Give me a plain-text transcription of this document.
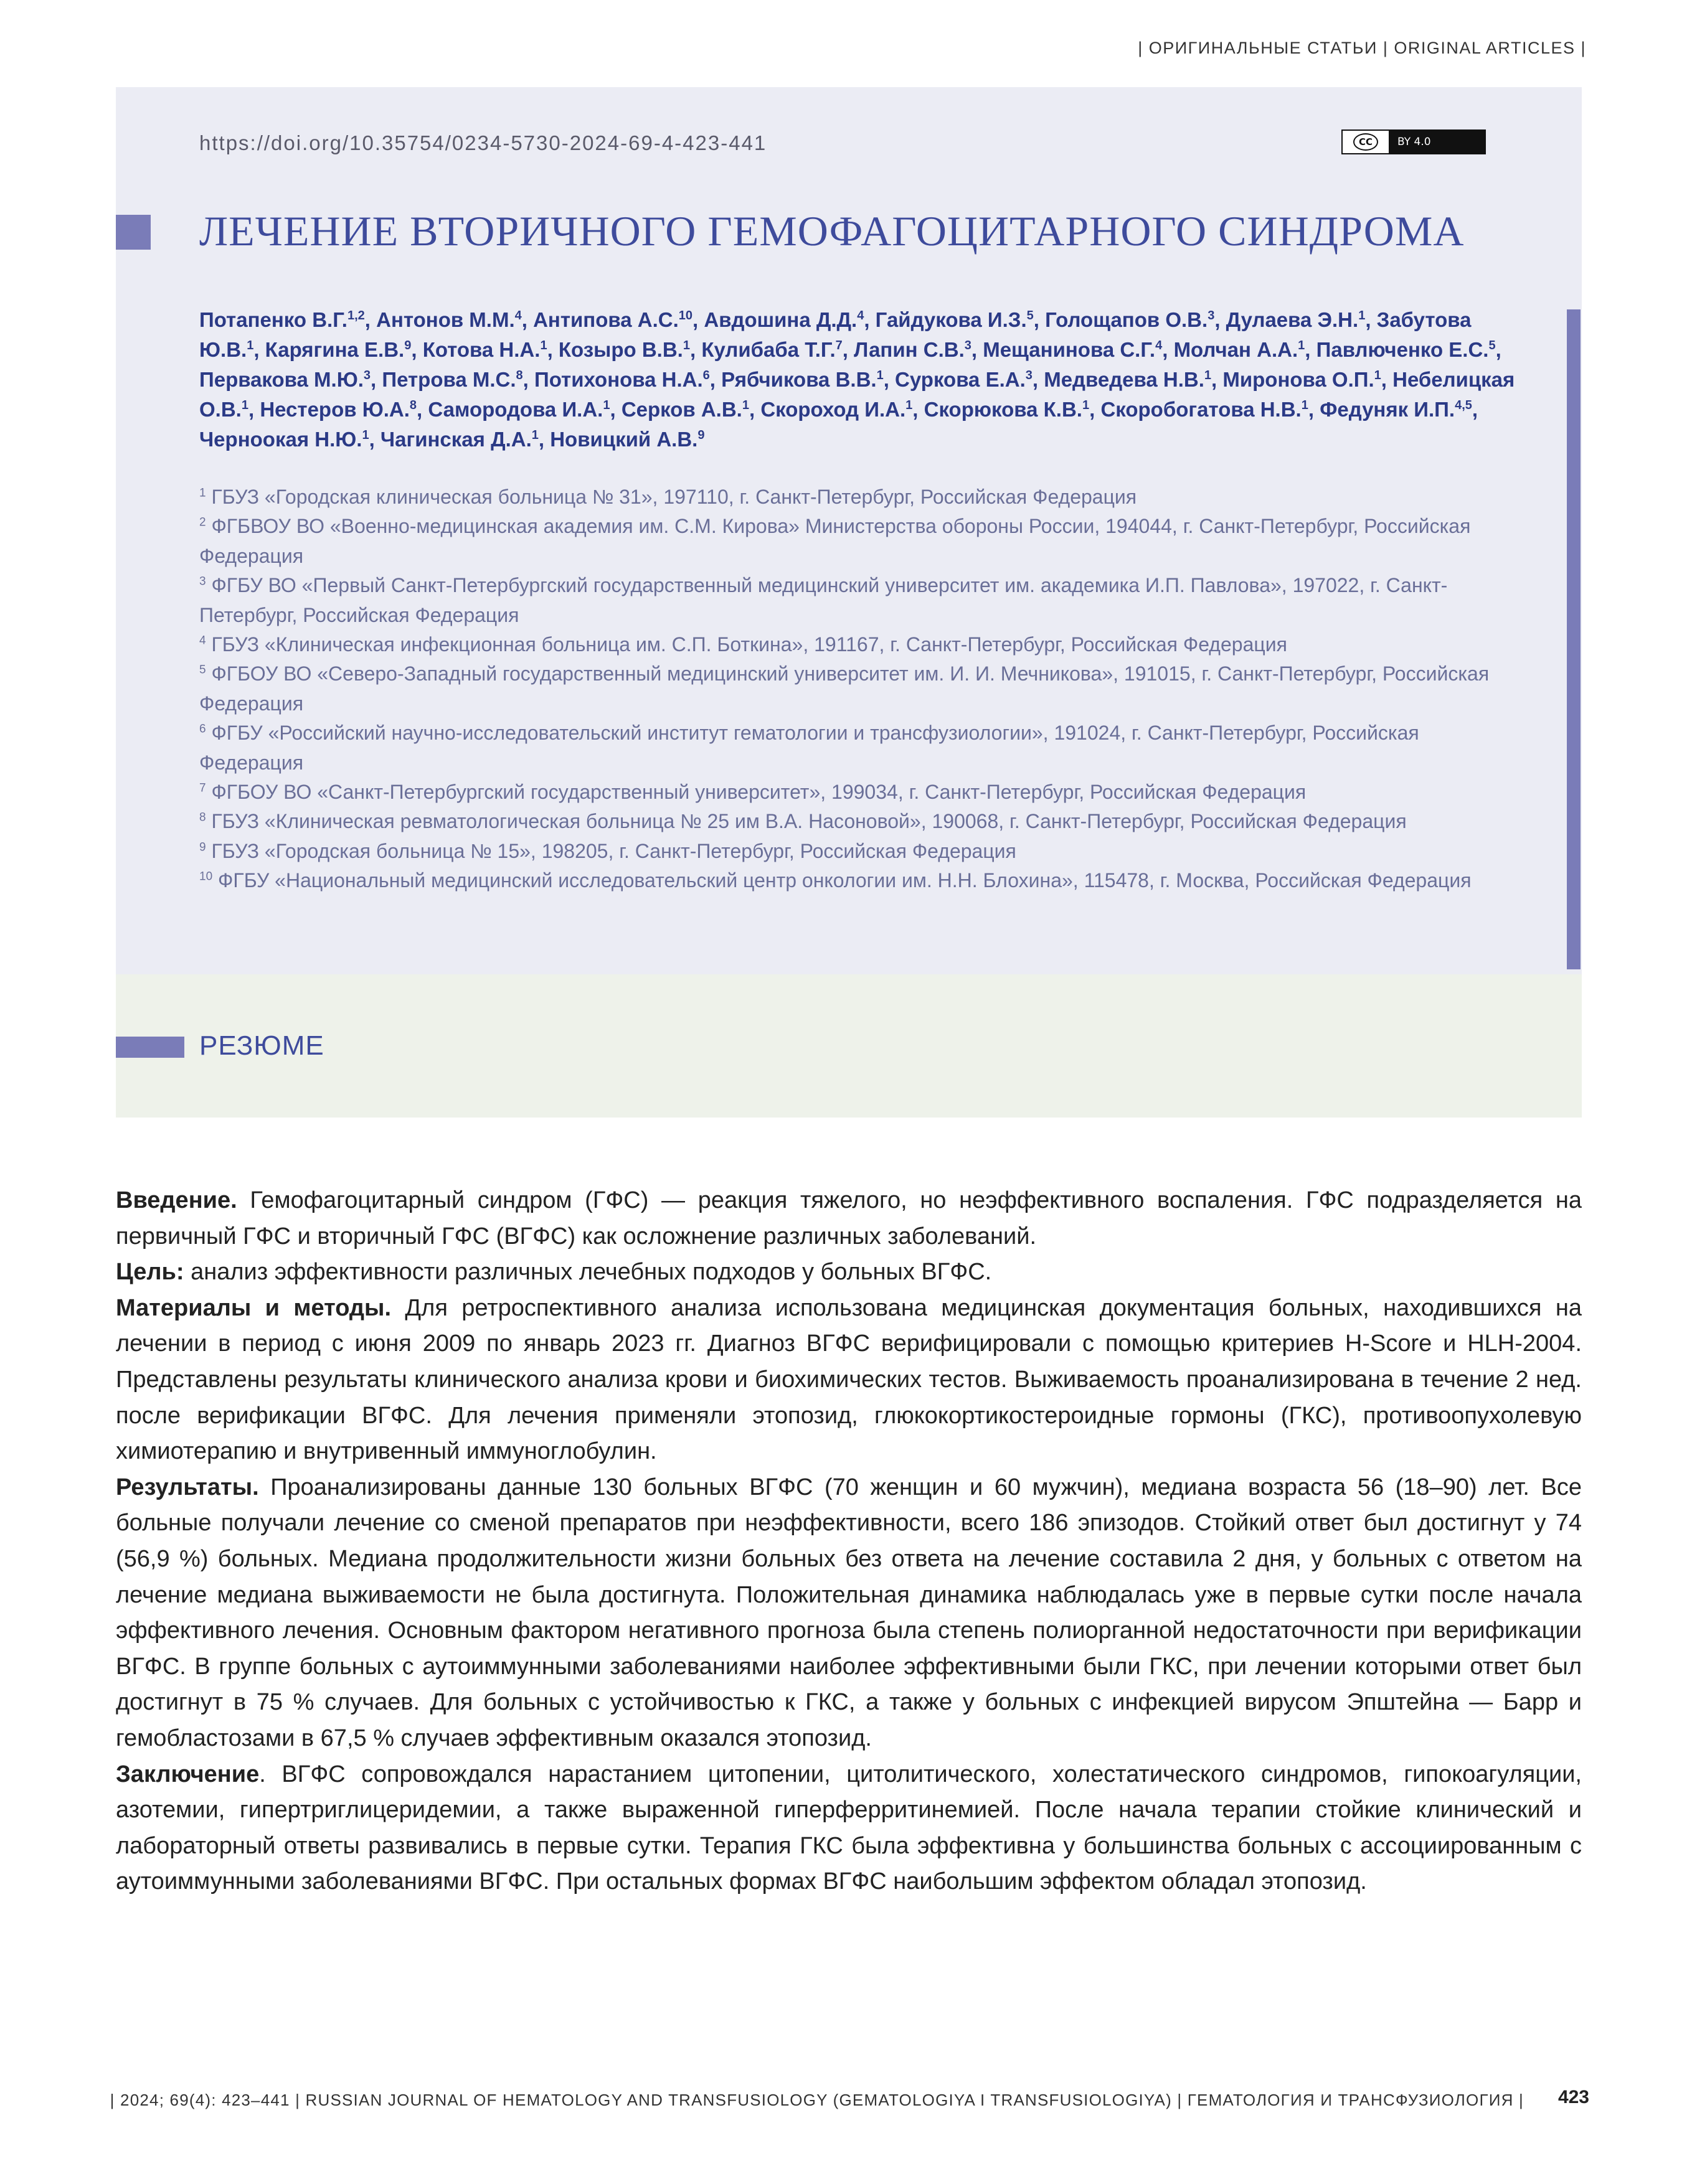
| ОРИГИНАЛЬНЫЕ СТАТЬИ | ORIGINAL ARTICLES |
https://doi.org/10.35754/0234-5730-2024-69-4-423-441	CC	BY 4.0
ЛЕЧЕНИЕ ВТОРИЧНОГО ГЕМОФАГОЦИТАРНОГО СИНДРОМА
Потапенко В.Г.$^{1,2}$, Антонов М.М.$^4$, Антипова А.С.$^{10}$, Авдошина Д.Д.$^4$, Гайдукова И.З.$^5$, Голощапов О.В.$^3$, Дулаева Э.Н.$^1$, Забутова Ю.В.$^1$, Карягина Е.В.$^9$, Котова Н.А.$^1$, Козыро В.В.$^1$, Кулибаба Т.Г.$^7$, Лапин С.В.$^3$, Мещанинова С.Г.$^4$, Молчан А.А.$^1$, Павлюченко Е.С.$^5$, Первакова М.Ю.$^3$, Петрова М.С.$^8$, Потихонова Н.А.$^6$, Рябчикова В.В.$^1$, Суркова Е.А.$^3$, Медведева Н.В.$^1$, Миронова О.П.$^1$, Небелицкая О.В.$^1$, Нестеров Ю.А.$^8$, Самородова И.А.$^1$, Серков А.В.$^1$, Скороход И.А.$^1$, Скорюкова К.В.$^1$, Скоробогатова Н.В.$^1$, Федуняк И.П.$^{4,5}$, Черноокая Н.Ю.$^1$, Чагинская Д.А.$^1$, Новицкий А.В.$^9$
$^1$ ГБУЗ «Городская клиническая больница № 31», 197110, г. Санкт-Петербург, Российская Федерация
$^2$ ФГБВОУ ВО «Военно-медицинская академия им. С.М. Кирова» Министерства обороны России, 194044, г. Санкт-Петербург, Российская Федерация
$^3$ ФГБУ ВО «Первый Санкт-Петербургский государственный медицинский университет им. академика И.П. Павлова», 197022, г. Санкт-Петербург, Российская Федерация
$^4$ ГБУЗ «Клиническая инфекционная больница им. С.П. Боткина», 191167, г. Санкт-Петербург, Российская Федерация
$^5$ ФГБОУ ВО «Северо-Западный государственный медицинский университет им. И. И. Мечникова», 191015, г. Санкт-Петербург, Российская Федерация
$^6$ ФГБУ «Российский научно-исследовательский институт гематологии и трансфузиологии», 191024, г. Санкт-Петербург, Российская Федерация
$^7$ ФГБОУ ВО «Санкт-Петербургский государственный университет», 199034, г. Санкт-Петербург, Российская Федерация
$^8$ ГБУЗ «Клиническая ревматологическая больница № 25 им В.А. Насоновой», 190068, г. Санкт-Петербург, Российская Федерация
$^9$ ГБУЗ «Городская больница № 15», 198205, г. Санкт-Петербург, Российская Федерация
$^{10}$ ФГБУ «Национальный медицинский исследовательский центр онкологии им. Н.Н. Блохина», 115478, г. Москва, Российская Федерация
РЕЗЮМЕ

Введение. Гемофагоцитарный синдром (ГФС) — реакция тяжелого, но неэффективного воспаления. ГФС подразделяется на первичный ГФС и вторичный ГФС (ВГФС) как осложнение различных заболеваний.

Цель: анализ эффективности различных лечебных подходов у больных ВГФС.

Материалы и методы. Для ретроспективного анализа использована медицинская документация больных, находившихся на лечении в период с июня 2009 по январь 2023 гг. Диагноз ВГФС верифицировали с помощью критериев H-Score и HLH-2004. Представлены результаты клинического анализа крови и биохимических тестов. Выживаемость проанализирована в течение 2 нед. после верификации ВГФС. Для лечения применяли этопозид, глюкокортикостероидные гормоны (ГКС), противоопухолевую химиотерапию и внутривенный иммуноглобулин.

Результаты. Проанализированы данные 130 больных ВГФС (70 женщин и 60 мужчин), медиана возраста 56 (18–90) лет. Все больные получали лечение со сменой препаратов при неэффективности, всего 186 эпизодов. Стойкий ответ был достигнут у 74 (56,9 %) больных. Медиана продолжительности жизни больных без ответа на лечение составила 2 дня, у больных с ответом на лечение медиана выживаемости не была достигнута. Положительная динамика наблюдалась уже в первые сутки после начала эффективного лечения. Основным фактором негативного прогноза была степень полиорганной недостаточности при верификации ВГФС. В группе больных с аутоиммунными заболеваниями наиболее эффективными были ГКС, при лечении которыми ответ был достигнут в 75 % случаев. Для больных с устойчивостью к ГКС, а также у больных с инфекцией вирусом Эпштейна — Барр и гемобластозами в 67,5 % случаев эффективным оказался этопозид.

Заключение. ВГФС сопровождался нарастанием цитопении, цитолитического, холестатического синдромов, гипокоагуляции, азотемии, гипертриглицеридемии, а также выраженной гиперферритинемией. После начала терапии стойкие клинический и лабораторный ответы развивались в первые сутки. Терапия ГКС была эффективна у большинства больных с ассоциированным с аутоиммунными заболеваниями ВГФС. При остальных формах ВГФС наибольшим эффектом обладал этопозид.

| 2024; 69(4): 423–441 | RUSSIAN JOURNAL OF HEMATOLOGY AND TRANSFUSIOLOGY (GEMATOLOGIYA I TRANSFUSIOLOGIYA) | ГЕМАТОЛОГИЯ И ТРАНСФУЗИОЛОГИЯ | 423
